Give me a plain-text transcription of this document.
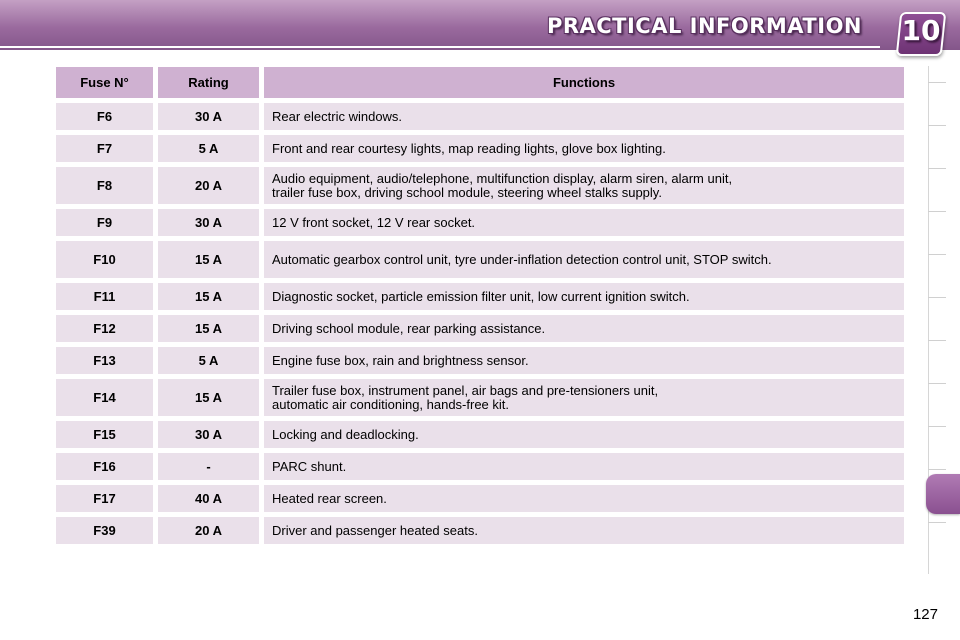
PRACTICAL INFORMATION 10
Fuse N°	Rating	Functions
F6	30 A	Rear electric windows.
F7	5 A	Front and rear courtesy lights, map reading lights, glove box lighting.
F8	20 A	Audio equipment, audio/telephone, multifunction display, alarm siren, alarm unit,
trailer fuse box, driving school module, steering wheel stalks supply.
F9	30 A	12 V front socket, 12 V rear socket.
F10	15 A	Automatic gearbox control unit, tyre under-inflation detection control unit, STOP switch.
F11	15 A	Diagnostic socket, particle emission filter unit, low current ignition switch.
F12	15 A	Driving school module, rear parking assistance.
F13	5 A	Engine fuse box, rain and brightness sensor.
F14	15 A	Trailer fuse box, instrument panel, air bags and pre-tensioners unit,
automatic air conditioning, hands-free kit.
F15	30 A	Locking and deadlocking.
F16	-	PARC shunt.
F17	40 A	Heated rear screen.
F39	20 A	Driver and passenger heated seats.
127
